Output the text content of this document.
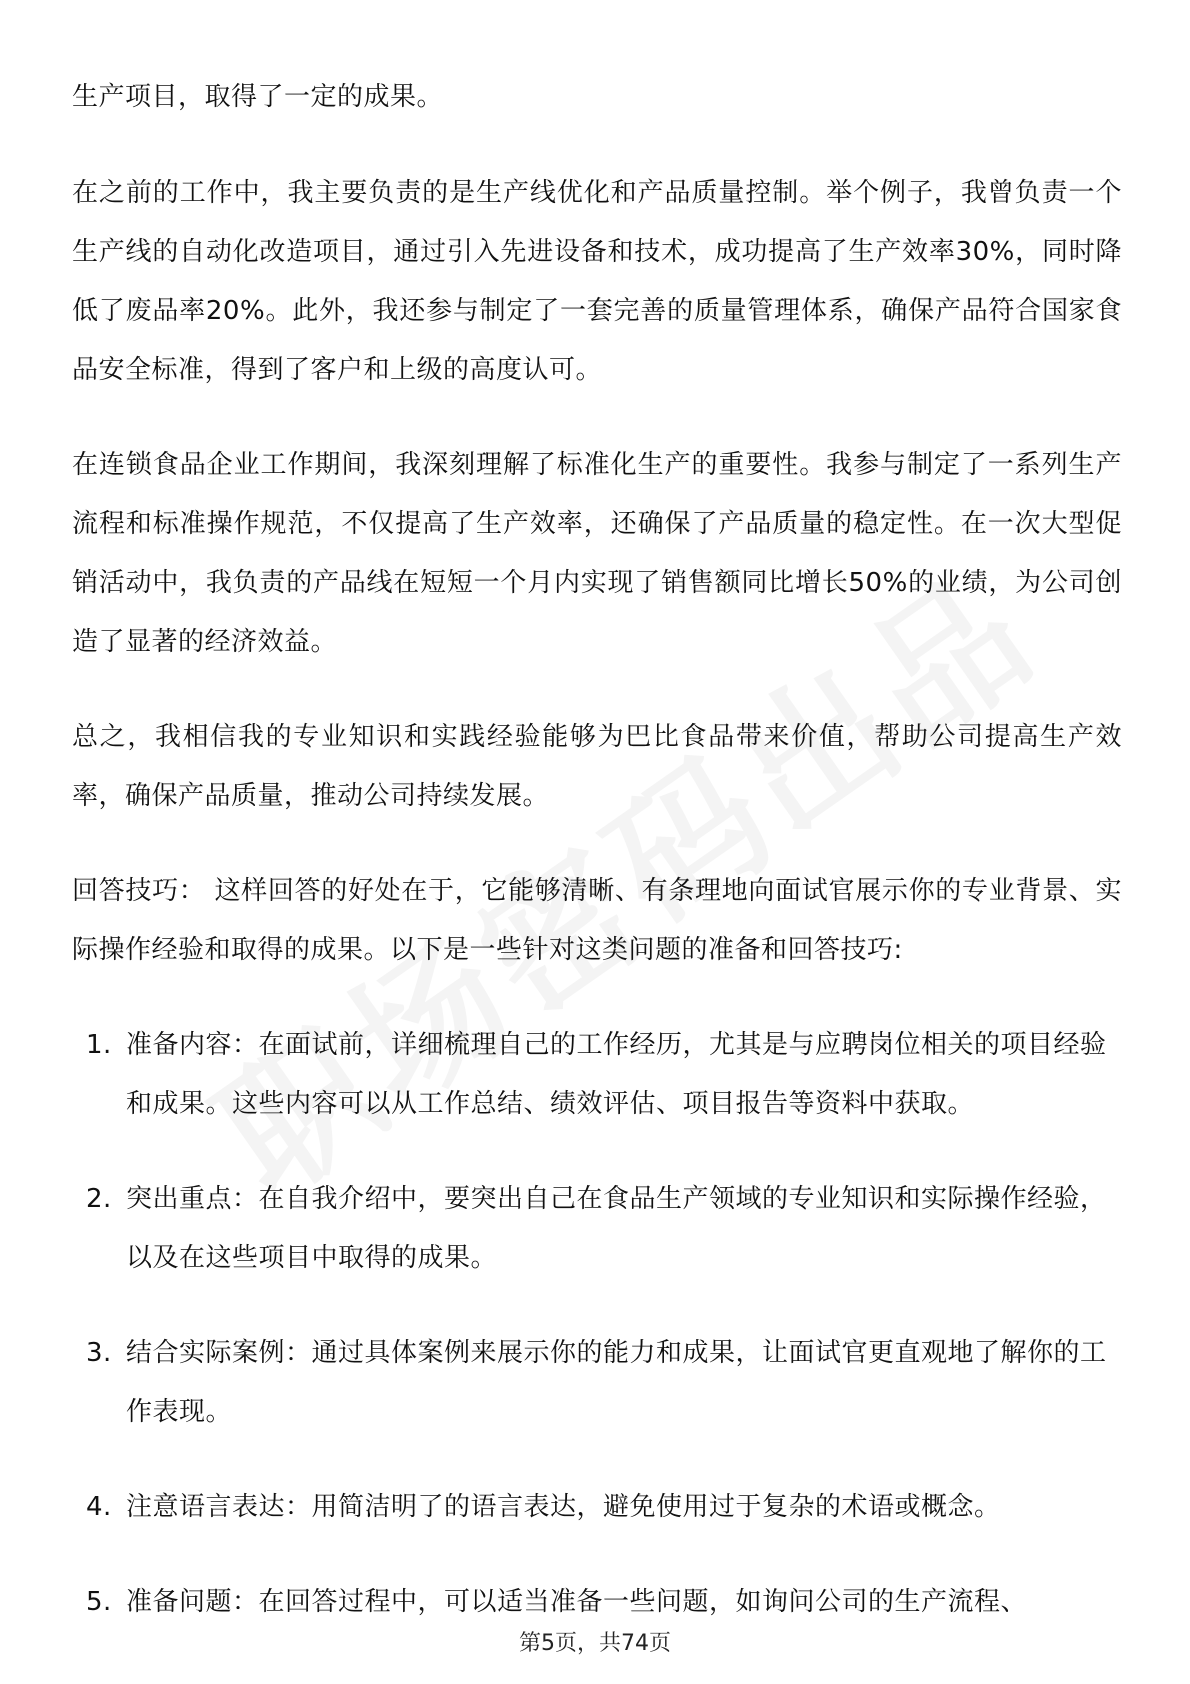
生产项目，取得了一定的成果。

在之前的工作中，我主要负责的是生产线优化和产品质量控制。举个例子，我曾负责一个生产线的自动化改造项目，通过引入先进设备和技术，成功提高了生产效率30%，同时降低了废品率20%。此外，我还参与制定了一套完善的质量管理体系，确保产品符合国家食品安全标准，得到了客户和上级的高度认可。

在连锁食品企业工作期间，我深刻理解了标准化生产的重要性。我参与制定了一系列生产流程和标准操作规范，不仅提高了生产效率，还确保了产品质量的稳定性。在一次大型促销活动中，我负责的产品线在短短一个月内实现了销售额同比增长50%的业绩，为公司创造了显著的经济效益。

总之，我相信我的专业知识和实践经验能够为巴比食品带来价值，帮助公司提高生产效率，确保产品质量，推动公司持续发展。

回答技巧： 这样回答的好处在于，它能够清晰、有条理地向面试官展示你的专业背景、实际操作经验和取得的成果。以下是一些针对这类问题的准备和回答技巧:

1. 准备内容：在面试前，详细梳理自己的工作经历，尤其是与应聘岗位相关的项目经验和成果。这些内容可以从工作总结、绩效评估、项目报告等资料中获取。
2. 突出重点：在自我介绍中，要突出自己在食品生产领域的专业知识和实际操作经验，以及在这些项目中取得的成果。
3. 结合实际案例：通过具体案例来展示你的能力和成果，让面试官更直观地了解你的工作表现。
4. 注意语言表达：用简洁明了的语言表达，避免使用过于复杂的术语或概念。
5. 准备问题：在回答过程中，可以适当准备一些问题，如询问公司的生产流程、
第5页，共74页
